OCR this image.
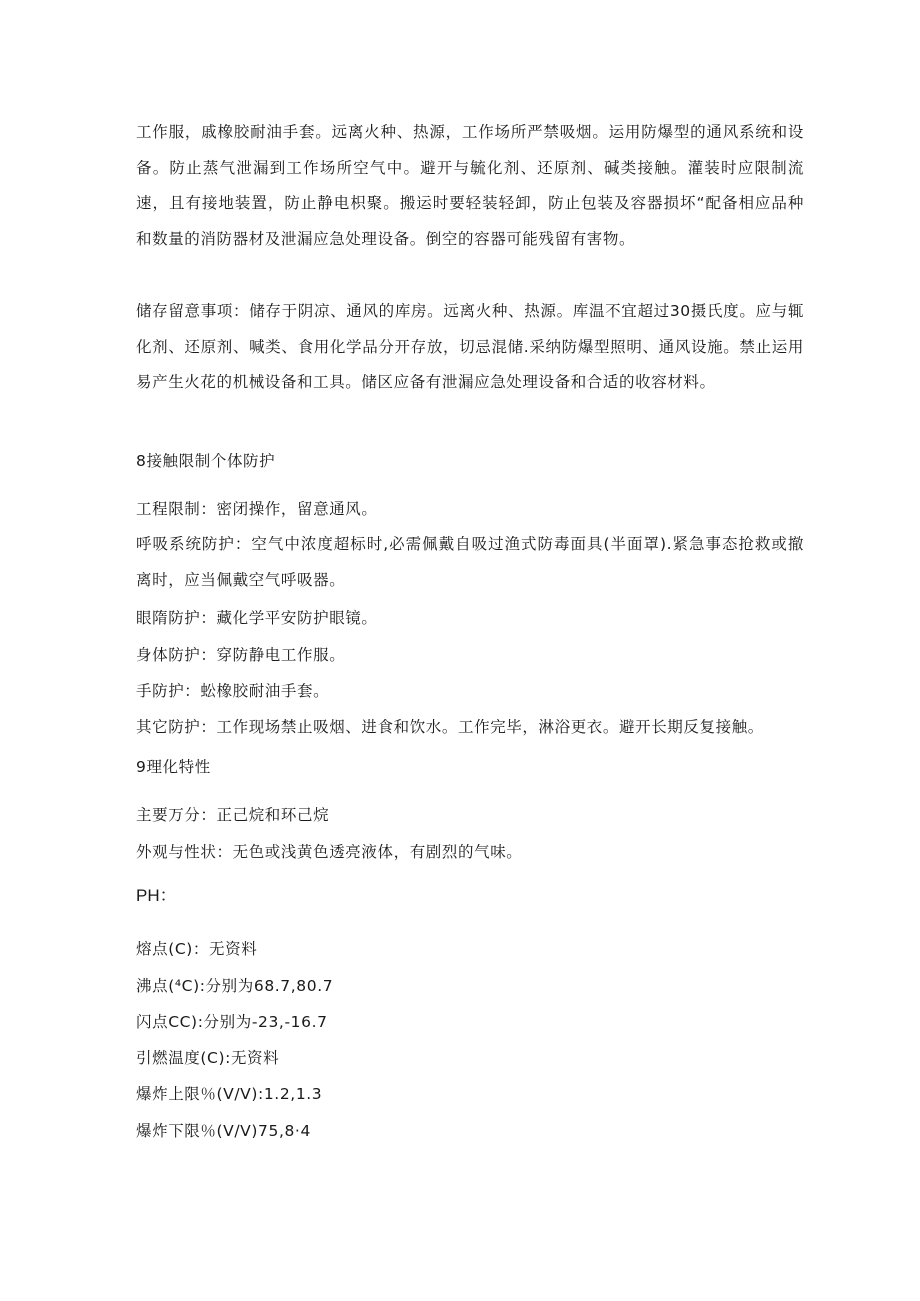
工作服，戚橡胶耐油手套。远离火种、热源，工作场所严禁吸烟。运用防爆型的通风系统和设备。防止蒸气泄漏到工作场所空气中。避开与毓化剂、还原剂、碱类接触。灌装时应限制流速，且有接地装置，防止静电枳聚。搬运时要轻装轻卸，防止包装及容器损坏“配备相应品种和数量的消防器材及泄漏应急处理设备。倒空的容器可能残留有害物。

储存留意事项：储存于阴凉、通风的库房。远离火种、热源。库温不宜超过30摄氏度。应与辄化剂、还原剂、喊类、食用化学品分开存放，切忌混储.采纳防爆型照明、通风设施。禁止运用易产生火花的机械设备和工具。储区应备有泄漏应急处理设备和合适的收容材料。

8接触限制个体防护

工程限制：密闭操作，留意通风。

呼吸系统防护：空气中浓度超标时,必需佩戴自吸过渔式防毒面具(半面罩).紧急事态抢救或撤离时，应当佩戴空气呼吸器。

眼隋防护：藏化学平安防护眼镜。

身体防护：穿防静电工作服。

手防护：蚣橡胶耐油手套。

其它防护：工作现场禁止吸烟、进食和饮水。工作完毕，淋浴更衣。避开长期反复接触。

9理化特性

主要万分：正己烷和环己烷

外观与性状：无色或浅黄色透亮液体，有剧烈的气味。

PH：

熔点(C)：无资料

沸点(⁴C):分别为68.7,80.7

闪点CC):分别为-23,-16.7

引燃温度(C):无资料

爆炸上限％(V/V):1.2,1.3

爆炸下限％(V∕V)75,8·4
